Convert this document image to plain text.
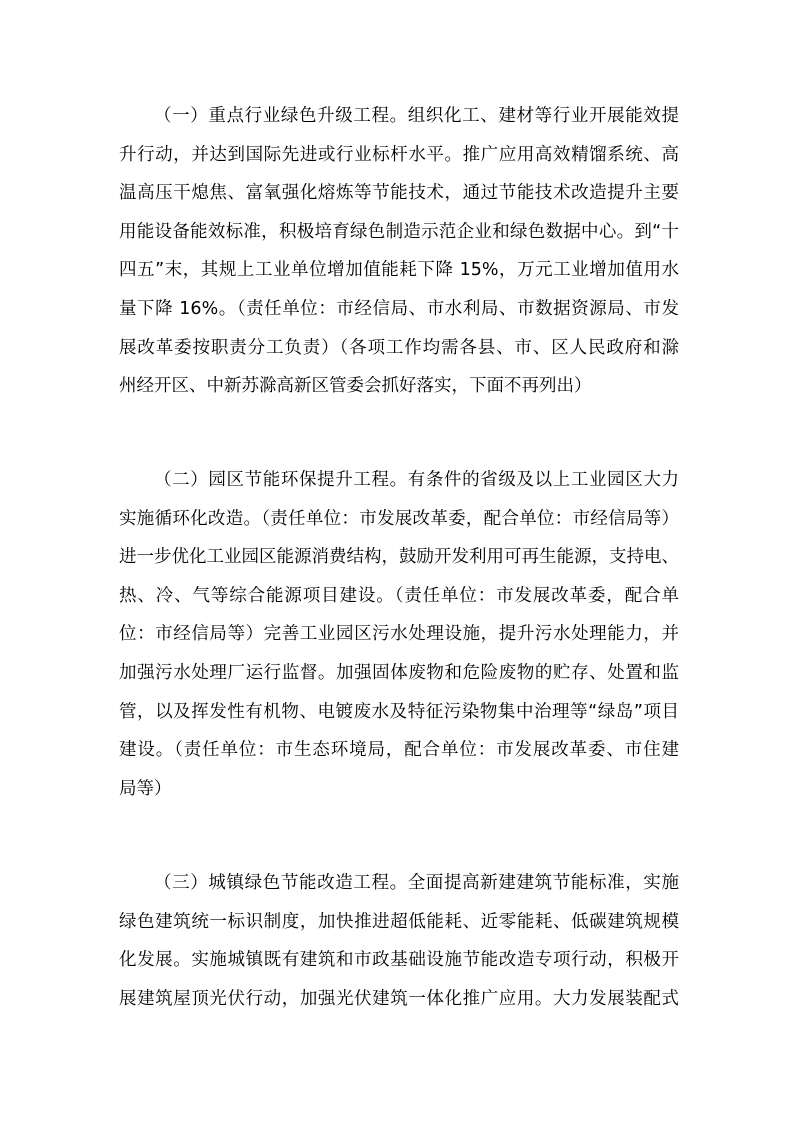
（一）重点行业绿色升级工程。组织化工、建材等行业开展能效提
升行动，并达到国际先进或行业标杆水平。推广应用高效精馏系统、高
温高压干熄焦、富氧强化熔炼等节能技术，通过节能技术改造提升主要
用能设备能效标准，积极培育绿色制造示范企业和绿色数据中心。到“十
四五”末，其规上工业单位增加值能耗下降 15%，万元工业增加值用水
量下降 16%。（责任单位：市经信局、市水利局、市数据资源局、市发
展改革委按职责分工负责）（各项工作均需各县、市、区人民政府和滁
州经开区、中新苏滁高新区管委会抓好落实，下面不再列出）
（二）园区节能环保提升工程。有条件的省级及以上工业园区大力
实施循环化改造。（责任单位：市发展改革委，配合单位：市经信局等）
进一步优化工业园区能源消费结构，鼓励开发利用可再生能源，支持电、
热、冷、气等综合能源项目建设。（责任单位：市发展改革委，配合单
位：市经信局等）完善工业园区污水处理设施，提升污水处理能力，并
加强污水处理厂运行监督。加强固体废物和危险废物的贮存、处置和监
管，以及挥发性有机物、电镀废水及特征污染物集中治理等“绿岛”项目
建设。（责任单位：市生态环境局，配合单位：市发展改革委、市住建
局等）
（三）城镇绿色节能改造工程。全面提高新建建筑节能标准，实施
绿色建筑统一标识制度，加快推进超低能耗、近零能耗、低碳建筑规模
化发展。实施城镇既有建筑和市政基础设施节能改造专项行动，积极开
展建筑屋顶光伏行动，加强光伏建筑一体化推广应用。大力发展装配式
